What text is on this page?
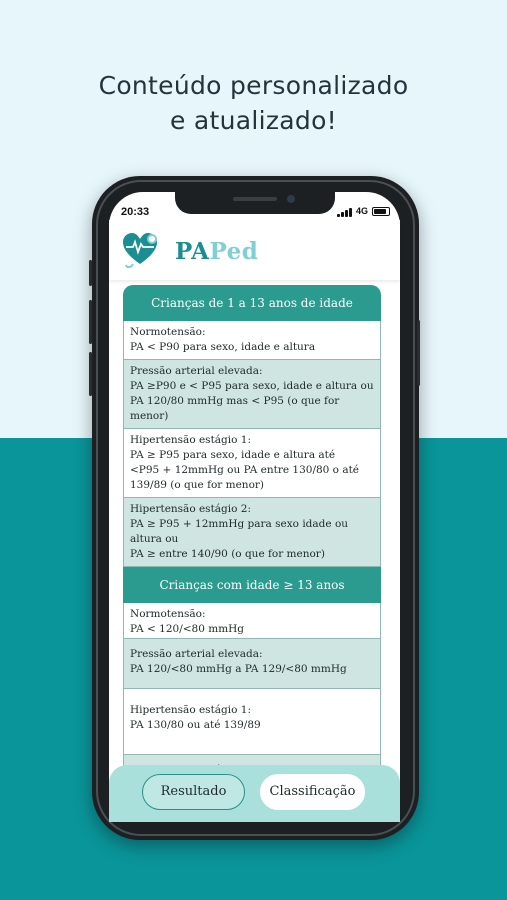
Conteúdo personalizado
e atualizado!
20:33	4G
PAPed
Crianças de 1 a 13 anos de idade
Normotensão:
PA < P90 para sexo, idade e altura
Pressão arterial elevada:
PA ≥P90 e < P95 para sexo, idade e altura ou
PA 120/80 mmHg mas < P95 (o que for
menor)
Hipertensão estágio 1:
PA ≥ P95 para sexo, idade e altura até
<P95 + 12mmHg ou PA entre 130/80 o até
139/89 (o que for menor)
Hipertensão estágio 2:
PA ≥ P95 + 12mmHg para sexo idade ou
altura ou
PA ≥ entre 140/90 (o que for menor)
Crianças com idade ≥ 13 anos
Normotensão:
PA < 120/<80 mmHg
Pressão arterial elevada:
PA 120/<80 mmHg a PA 129/<80 mmHg
Hipertensão estágio 1:
PA 130/80 ou até 139/89
Resultado	Classificação
